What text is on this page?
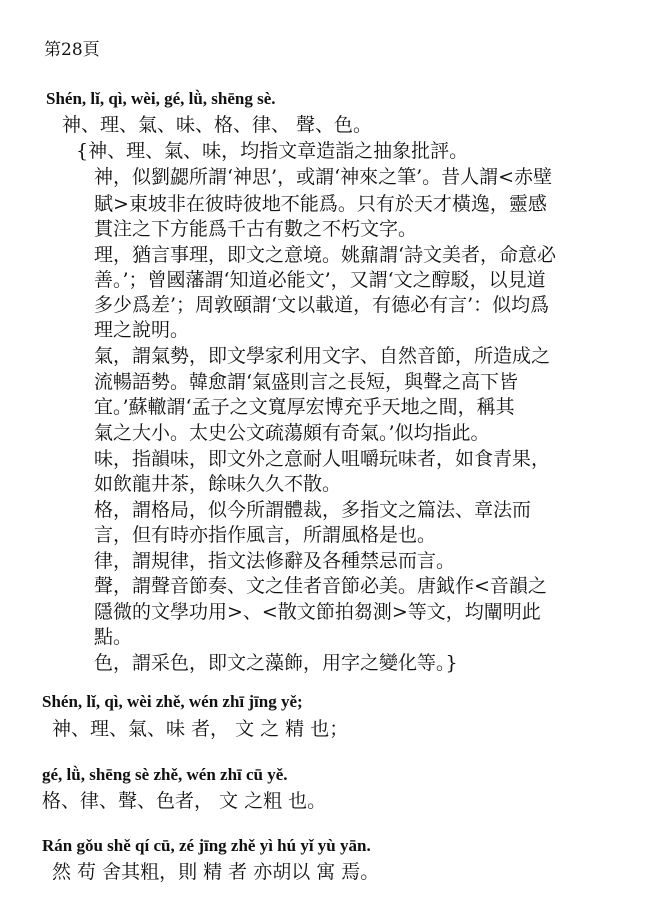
第28頁
Shén, lǐ, qì, wèi, gé, lǜ, shēng sè.
神、理、氣、味、格、律、 聲、色。
{神、理、氣、味，均指文章造詣之抽象批評。
神，似劉勰所謂‘神思’，或謂‘神來之筆’。昔人謂<赤壁
賦>東坡非在彼時彼地不能爲。只有於天才橫逸，靈感
貫注之下方能爲千古有數之不朽文字。
理，猶言事理，即文之意境。姚鼐謂‘詩文美者，命意必
善。’；曾國藩謂‘知道必能文’，又謂‘文之醇駁，以見道
多少爲差’；周敦頤謂‘文以載道，有德必有言’：似均爲
理之說明。
氣，謂氣勢，即文學家利用文字、自然音節，所造成之
流暢語勢。韓愈謂‘氣盛則言之長短，與聲之高下皆
宜。’蘇轍謂‘孟子之文寬厚宏博充乎天地之間，稱其
氣之大小。太史公文疏蕩頗有奇氣。’似均指此。
味，指韻味，即文外之意耐人咀嚼玩味者，如食青果，
如飲龍井茶，餘味久久不散。
格，謂格局，似今所謂體裁，多指文之篇法、章法而
言，但有時亦指作風言，所謂風格是也。
律，謂規律，指文法修辭及各種禁忌而言。
聲，謂聲音節奏、文之佳者音節必美。唐鉞作<音韻之
隱微的文學功用>、<散文節拍芻測>等文，均闡明此
點。
色，謂采色，即文之藻飾，用字之變化等。}
Shén, lǐ, qì, wèi zhě, wén zhī jīng yě;
神、理、氣、味 者， 文 之 精 也；
gé, lǜ, shēng sè zhě, wén zhī cū yě.
格、律、聲、色者， 文 之粗 也。
Rán gǒu shě qí cū, zé jīng zhě yì hú yǐ yù yān.
然 苟 舍其粗，則 精 者 亦胡以 寓 焉。
